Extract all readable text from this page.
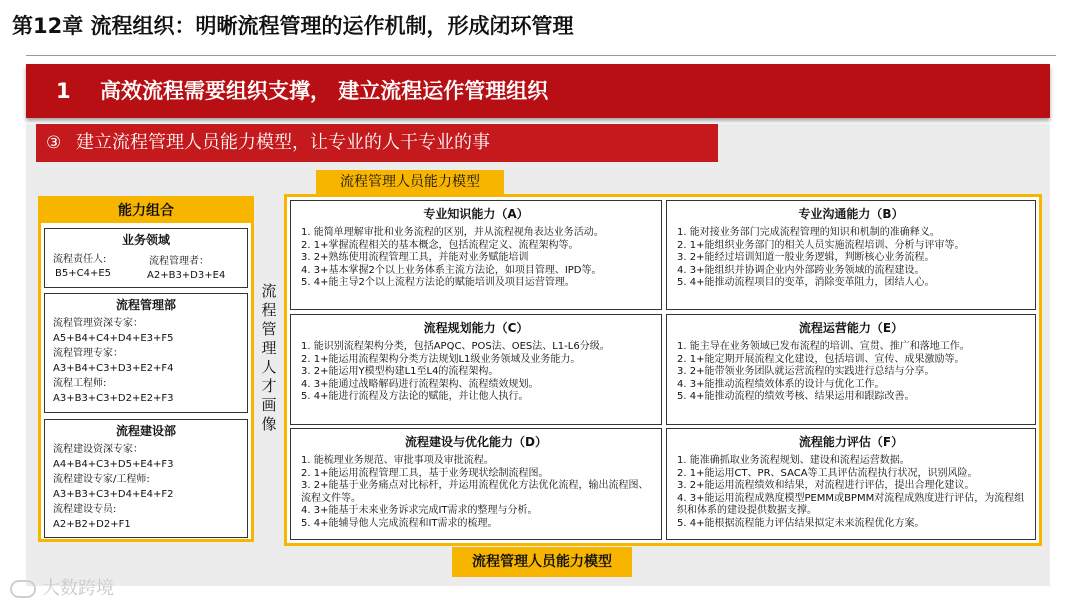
第12章 流程组织：明晰流程管理的运作机制，形成闭环管理
1 高效流程需要组织支撑， 建立流程运作管理组织
③ 建立流程管理人员能力模型，让专业的人干专业的事
流程管理人员能力模型
能力组合
业务领域
流程责任人:
B5+C4+E5
流程管理者：
A2+B3+D3+E4
流程管理部
流程管理资深专家：
A5+B4+C4+D4+E3+F5
流程管理专家：
A3+B4+C3+D3+E2+F4
流程工程师:
A3+B3+C3+D2+E2+F3
流程建设部
流程建设资深专家：
A4+B4+C3+D5+E4+F3
流程建设专家/工程师:
A3+B3+C3+D4+E4+F2
流程建设专员:
A2+B2+D2+F1
流
程
管
理
人
才
画
像
专业知识能力（A）
1. 能简单理解审批和业务流程的区别，并从流程视角表达业务活动。
2. 1+掌握流程相关的基本概念，包括流程定义、流程架构等。
3. 2+熟练使用流程管理工具，并能对业务赋能培训
4. 3+基本掌握2个以上业务体系主流方法论，如项目管理、IPD等。
5. 4+能主导2个以上流程方法论的赋能培训及项目运营管理。
专业沟通能力（B）
1. 能对接业务部门完成流程管理的知识和机制的准确释义。
2. 1+能组织业务部门的相关人员实施流程培训、分析与评审等。
3. 2+能经过培训知道一般业务逻辑，判断核心业务流程。
4. 3+能组织并协调企业内外部跨业务领域的流程建设。
5. 4+能推动流程项目的变革，消除变革阻力，团结人心。
流程规划能力（C）
1. 能识别流程架构分类，包括APQC、POS法、OES法、L1-L6分级。
2. 1+能运用流程架构分类方法规划L1级业务领域及业务能力。
3. 2+能运用Y模型构建L1至L4的流程架构。
4. 3+能通过战略解码进行流程架构、流程绩效规划。
5. 4+能进行流程及方法论的赋能，并让他人执行。
流程运营能力（E）
1. 能主导在业务领域已发布流程的培训、宣贯、推广和落地工作。
2. 1+能定期开展流程文化建设，包括培训、宣传、成果激励等。
3. 2+能带领业务团队就运营流程的实践进行总结与分享。
4. 3+能推动流程绩效体系的设计与优化工作。
5. 4+能推动流程的绩效考核、结果运用和跟踪改善。
流程建设与优化能力（D）
1. 能梳理业务规范、审批事项及审批流程。
2. 1+能运用流程管理工具，基于业务现状绘制流程图。
3. 2+能基于业务痛点对比标杆，并运用流程优化方法优化流程，输出流程图、流程文件等。
4. 3+能基于未来业务诉求完成IT需求的整理与分析。
5. 4+能辅导他人完成流程和IT需求的梳理。
流程能力评估（F）
1. 能准确抓取业务流程规划、建设和流程运营数据。
2. 1+能运用CT、PR、SACA等工具评估流程执行状况，识别风险。
3. 2+能运用流程绩效和结果，对流程进行评估，提出合理化建议。
4. 3+能运用流程成熟度模型PEMM或BPMM对流程成熟度进行评估，为流程组织和体系的建设提供数据支撑。
5. 4+能根据流程能力评估结果拟定未来流程优化方案。
流程管理人员能力模型
大数跨境
